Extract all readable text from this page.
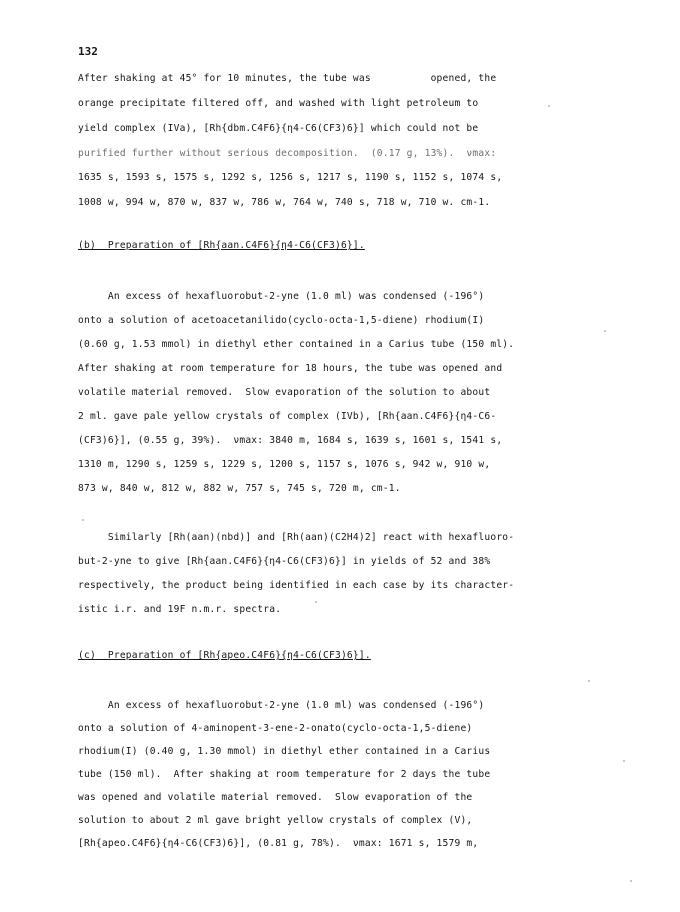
132
After shaking at 45° for 10 minutes, the tube was          opened, the
orange precipitate filtered off, and washed with light petroleum to
yield complex (IVa), [Rh{dbm.C4F6}{η4-C6(CF3)6}] which could not be
purified further without serious decomposition.  (0.17 g, 13%).  νmax:
1635 s, 1593 s, 1575 s, 1292 s, 1256 s, 1217 s, 1190 s, 1152 s, 1074 s,
1008 w, 994 w, 870 w, 837 w, 786 w, 764 w, 740 s, 718 w, 710 w. cm-1.
(b)  Preparation of [Rh{aan.C4F6}{η4-C6(CF3)6}].
An excess of hexafluorobut-2-yne (1.0 ml) was condensed (-196°)
onto a solution of acetoacetanilido(cyclo-octa-1,5-diene) rhodium(I)
(0.60 g, 1.53 mmol) in diethyl ether contained in a Carius tube (150 ml).
After shaking at room temperature for 18 hours, the tube was opened and
volatile material removed.  Slow evaporation of the solution to about
2 ml. gave pale yellow crystals of complex (IVb), [Rh{aan.C4F6}{η4-C6-
(CF3)6}], (0.55 g, 39%).  νmax: 3840 m, 1684 s, 1639 s, 1601 s, 1541 s,
1310 m, 1290 s, 1259 s, 1229 s, 1200 s, 1157 s, 1076 s, 942 w, 910 w,
873 w, 840 w, 812 w, 882 w, 757 s, 745 s, 720 m, cm-1.
Similarly [Rh(aan)(nbd)] and [Rh(aan)(C2H4)2] react with hexafluoro-
but-2-yne to give [Rh{aan.C4F6}{η4-C6(CF3)6}] in yields of 52 and 38%
respectively, the product being identified in each case by its character-
istic i.r. and 19F n.m.r. spectra.
(c)  Preparation of [Rh{apeo.C4F6}{η4-C6(CF3)6}].
An excess of hexafluorobut-2-yne (1.0 ml) was condensed (-196°)
onto a solution of 4-aminopent-3-ene-2-onato(cyclo-octa-1,5-diene)
rhodium(I) (0.40 g, 1.30 mmol) in diethyl ether contained in a Carius
tube (150 ml).  After shaking at room temperature for 2 days the tube
was opened and volatile material removed.  Slow evaporation of the
solution to about 2 ml gave bright yellow crystals of complex (V),
[Rh{apeo.C4F6}{η4-C6(CF3)6}], (0.81 g, 78%).  νmax: 1671 s, 1579 m,
